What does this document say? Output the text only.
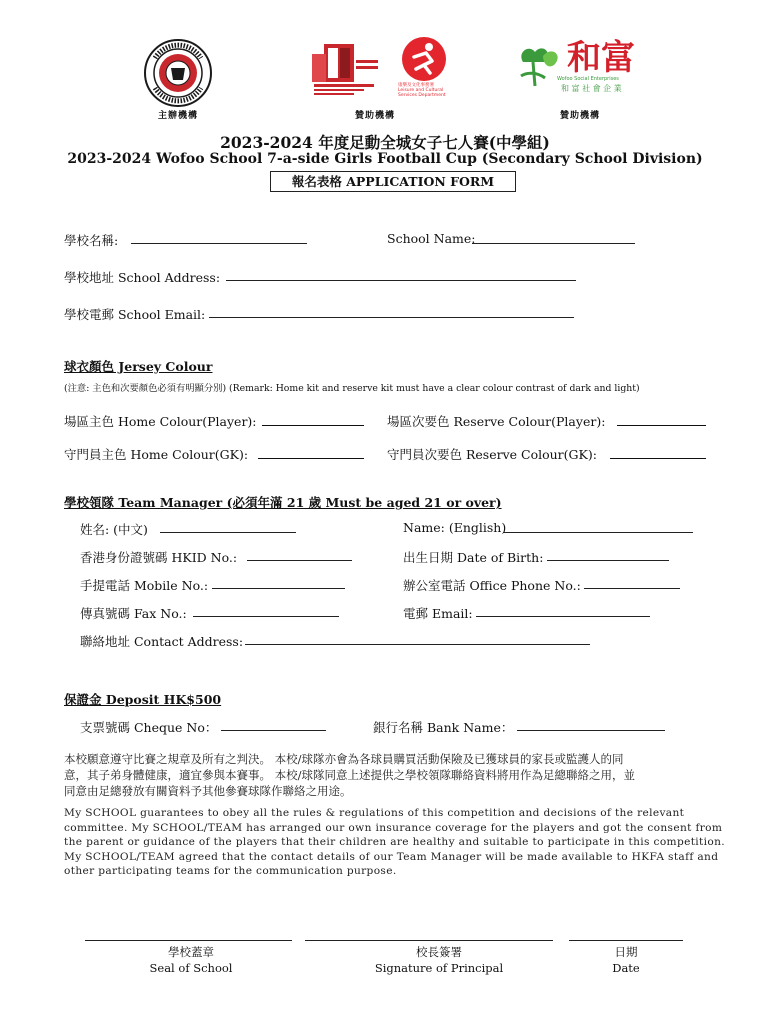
主辦機構	贊助機構
康樂及文化事務署
Leisure and Cultural
Services Department
和富
Wofoo Social Enterprises
和 富 社 會 企 業
贊助機構
2023-2024 年度足動全城女子七人賽(中學組)
2023-2024 Wofoo School 7-a-side Girls Football Cup (Secondary School Division)
報名表格 APPLICATION FORM
學校名稱:	School Name:
學校地址 School Address:
學校電郵 School Email:
球衣顏色 Jersey Colour
(注意: 主色和次要顏色必須有明顯分別) (Remark: Home kit and reserve kit must have a clear colour contrast of dark and light)
場區主色 Home Colour(Player):	場區次要色 Reserve Colour(Player):
守門員主色 Home Colour(GK):	守門員次要色 Reserve Colour(GK):
學校領隊 Team Manager (必須年滿 21 歲 Must be aged 21 or over)
姓名: (中文)	Name: (English)
香港身份證號碼 HKID No.:	出生日期 Date of Birth:
手提電話 Mobile No.:	辦公室電話 Office Phone No.:
傳真號碼 Fax No.:	電郵 Email:
聯絡地址 Contact Address:
保證金 Deposit HK$500
支票號碼 Cheque No：	銀行名稱 Bank Name：
本校願意遵守比賽之規章及所有之判決。 本校/球隊亦會為各球員購買活動保險及已獲球員的家長或監護人的同
意，其子弟身體健康，適宜參與本賽事。 本校/球隊同意上述提供之學校領隊聯絡資料將用作為足總聯絡之用，並
同意由足總發放有關資料予其他參賽球隊作聯絡之用途。
My SCHOOL guarantees to obey all the rules & regulations of this competition and decisions of the relevant
committee. My SCHOOL/TEAM has arranged our own insurance coverage for the players and got the consent from
the parent or guidance of the players that their children are healthy and suitable to participate in this competition.
My SCHOOL/TEAM agreed that the contact details of our Team Manager will be made available to HKFA staff and
other participating teams for the communication purpose.
學校蓋章
Seal of School
校長簽署
Signature of Principal
日期
Date
